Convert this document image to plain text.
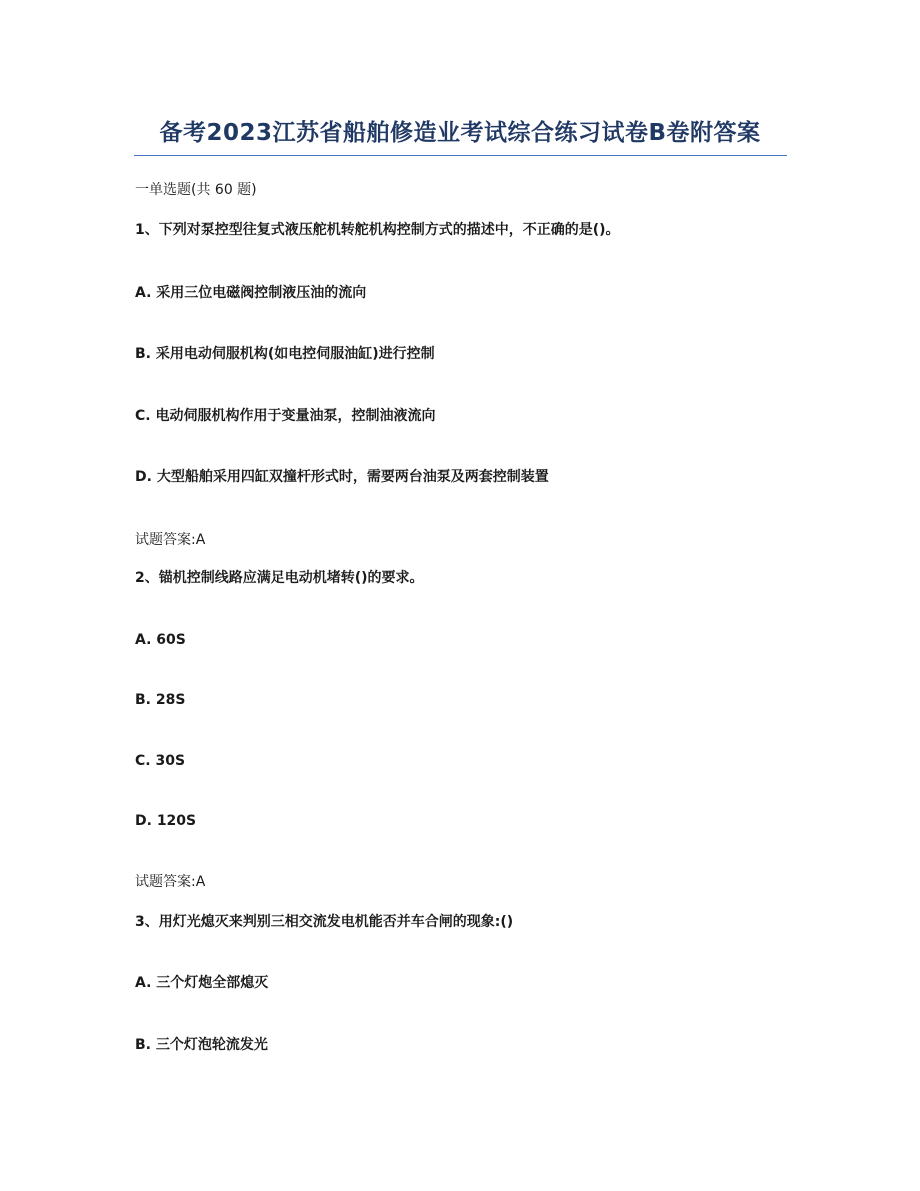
备考2023江苏省船舶修造业考试综合练习试卷B卷附答案
一单选题(共 60 题)
1、下列对泵控型往复式液压舵机转舵机构控制方式的描述中，不正确的是()。
A. 采用三位电磁阀控制液压油的流向
B. 采用电动伺服机构(如电控伺服油缸)进行控制
C. 电动伺服机构作用于变量油泵，控制油液流向
D. 大型船舶采用四缸双撞杆形式时，需要两台油泵及两套控制装置
试题答案:A
2、锚机控制线路应满足电动机堵转()的要求。
A. 60S
B. 28S
C. 30S
D. 120S
试题答案:A
3、用灯光熄灭来判别三相交流发电机能否并车合闸的现象:()
A. 三个灯炮全部熄灭
B. 三个灯泡轮流发光
